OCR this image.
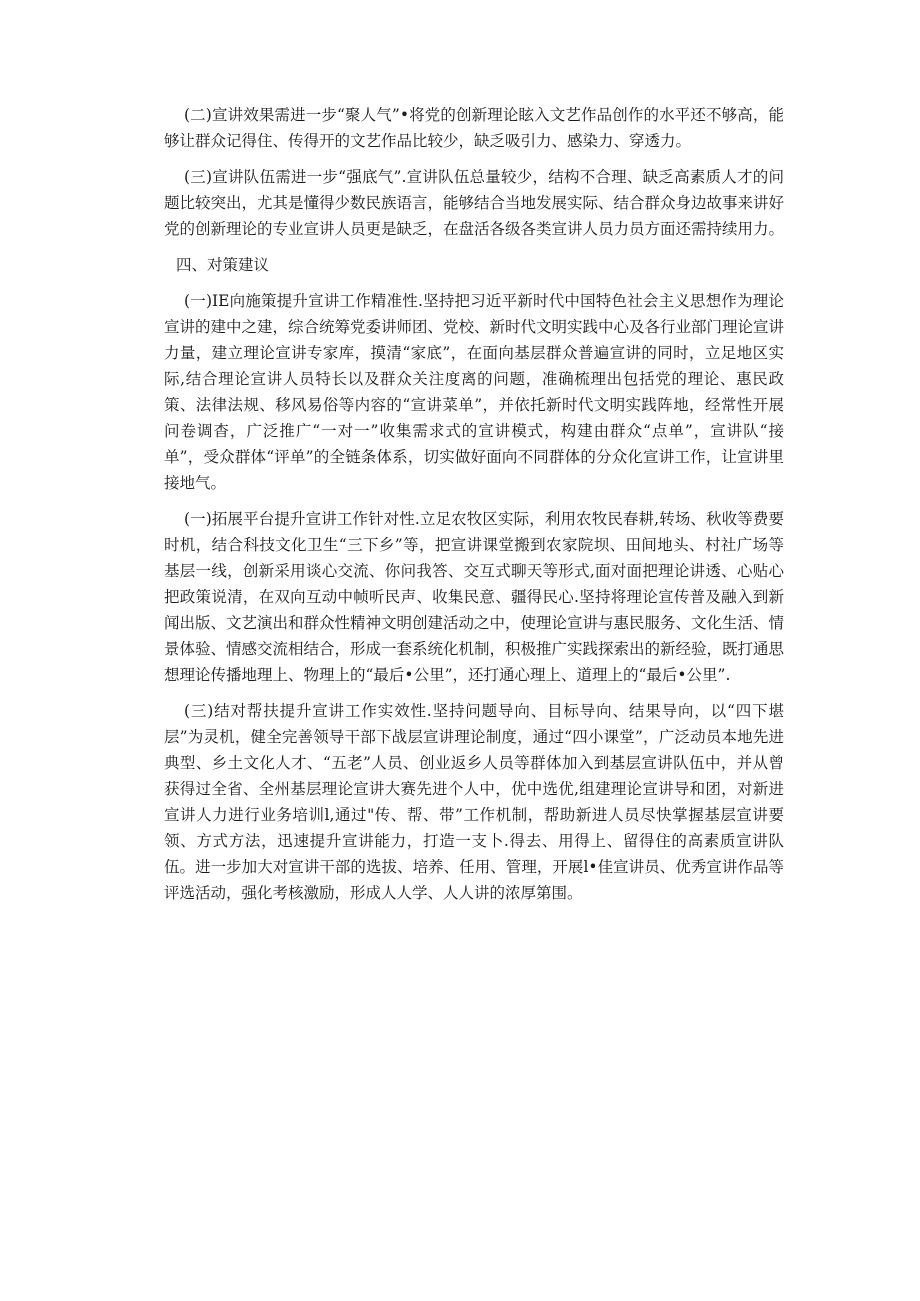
(二)宣讲效果需进一步“聚人气”•将党的创新理论眩入文艺作品创作的水平还不够高，能够让群众记得住、传得开的文艺作品比较少，缺乏吸引力、感染力、穿透力。

(三)宣讲队伍需进一步“强底气”.宣讲队伍总量较少，结构不合理、缺乏高素质人才的问题比较突出，尤其是懂得少数民族语言，能够结合当地发展实际、结合群众身边故事来讲好党的创新理论的专业宣讲人员更是缺乏，在盘活各级各类宣讲人员力员方面还需持续用力。

四、对策建议

(一)IE向施策提升宣讲工作精准性.坚持把习近平新时代中国特色社会主义思想作为理论宣讲的建中之建，综合统筹党委讲师团、党校、新时代文明实践中心及各行业部门理论宣讲力量，建立理论宣讲专家库，摸清“家底”，在面向基层群众普遍宣讲的同时，立足地区实际,结合理论宣讲人员特长以及群众关注度离的问题，准确梳理出包括党的理论、惠民政策、法律法规、移风易俗等内容的“宣讲菜单”，并依托新时代文明实践阵地，经常性开展问卷调杳，广泛推广“一对一”收集需求式的宣讲模式，构建由群众“点单”，宣讲队“接单”，受众群体“评单”的全链条体系，切实做好面向不同群体的分众化宣讲工作，让宣讲里接地气。

(一)拓展平台提升宣讲工作针对性.立足农牧区实际，利用农牧民春耕,转场、秋收等费要时机，结合科技文化卫生“三下乡”等，把宣讲课堂搬到农家院坝、田间地头、村社广场等基层一线，创新采用谈心交流、你问我答、交互式聊天等形式,面对面把理论讲透、心贴心把政策说清，在双向互动中帧听民声、收集民意、疆得民心.坚持将理论宣传普及融入到新闻出版、文艺演出和群众性精神文明创建活动之中，使理论宣讲与惠民服务、文化生活、情景体验、情感交流相结合，形成一套系统化机制，积极推广实践探索出的新经验，既打通思想理论传播地理上、物理上的“最后•公里”，还打通心理上、道理上的“最后•公里”.

(三)结对帮扶提升宣讲工作实效性.坚持问题导向、目标导向、结果导向，以“四下堪层”为灵机，健全完善领导干部下战层宣讲理论制度，通过“四小课堂”，广泛动员本地先进典型、乡土文化人才、“五老”人员、创业返乡人员等群体加入到基层宣讲队伍中，并从曾获得过全省、全州基层理论宣讲大赛先进个人中，优中选优,组建理论宣讲导和团，对新进宣讲人力进行业务培训l,通过"传、帮、带”工作机制，帮助新进人员尽快掌握基层宣讲要领、方式方法，迅速提升宣讲能力，打造一支卜.得去、用得上、留得住的高素质宣讲队伍。进一步加大对宣讲干部的选拔、培养、任用、管理，开展l•佳宣讲员、优秀宣讲作品等评选活动，强化考核激励，形成人人学、人人讲的浓厚第围。
